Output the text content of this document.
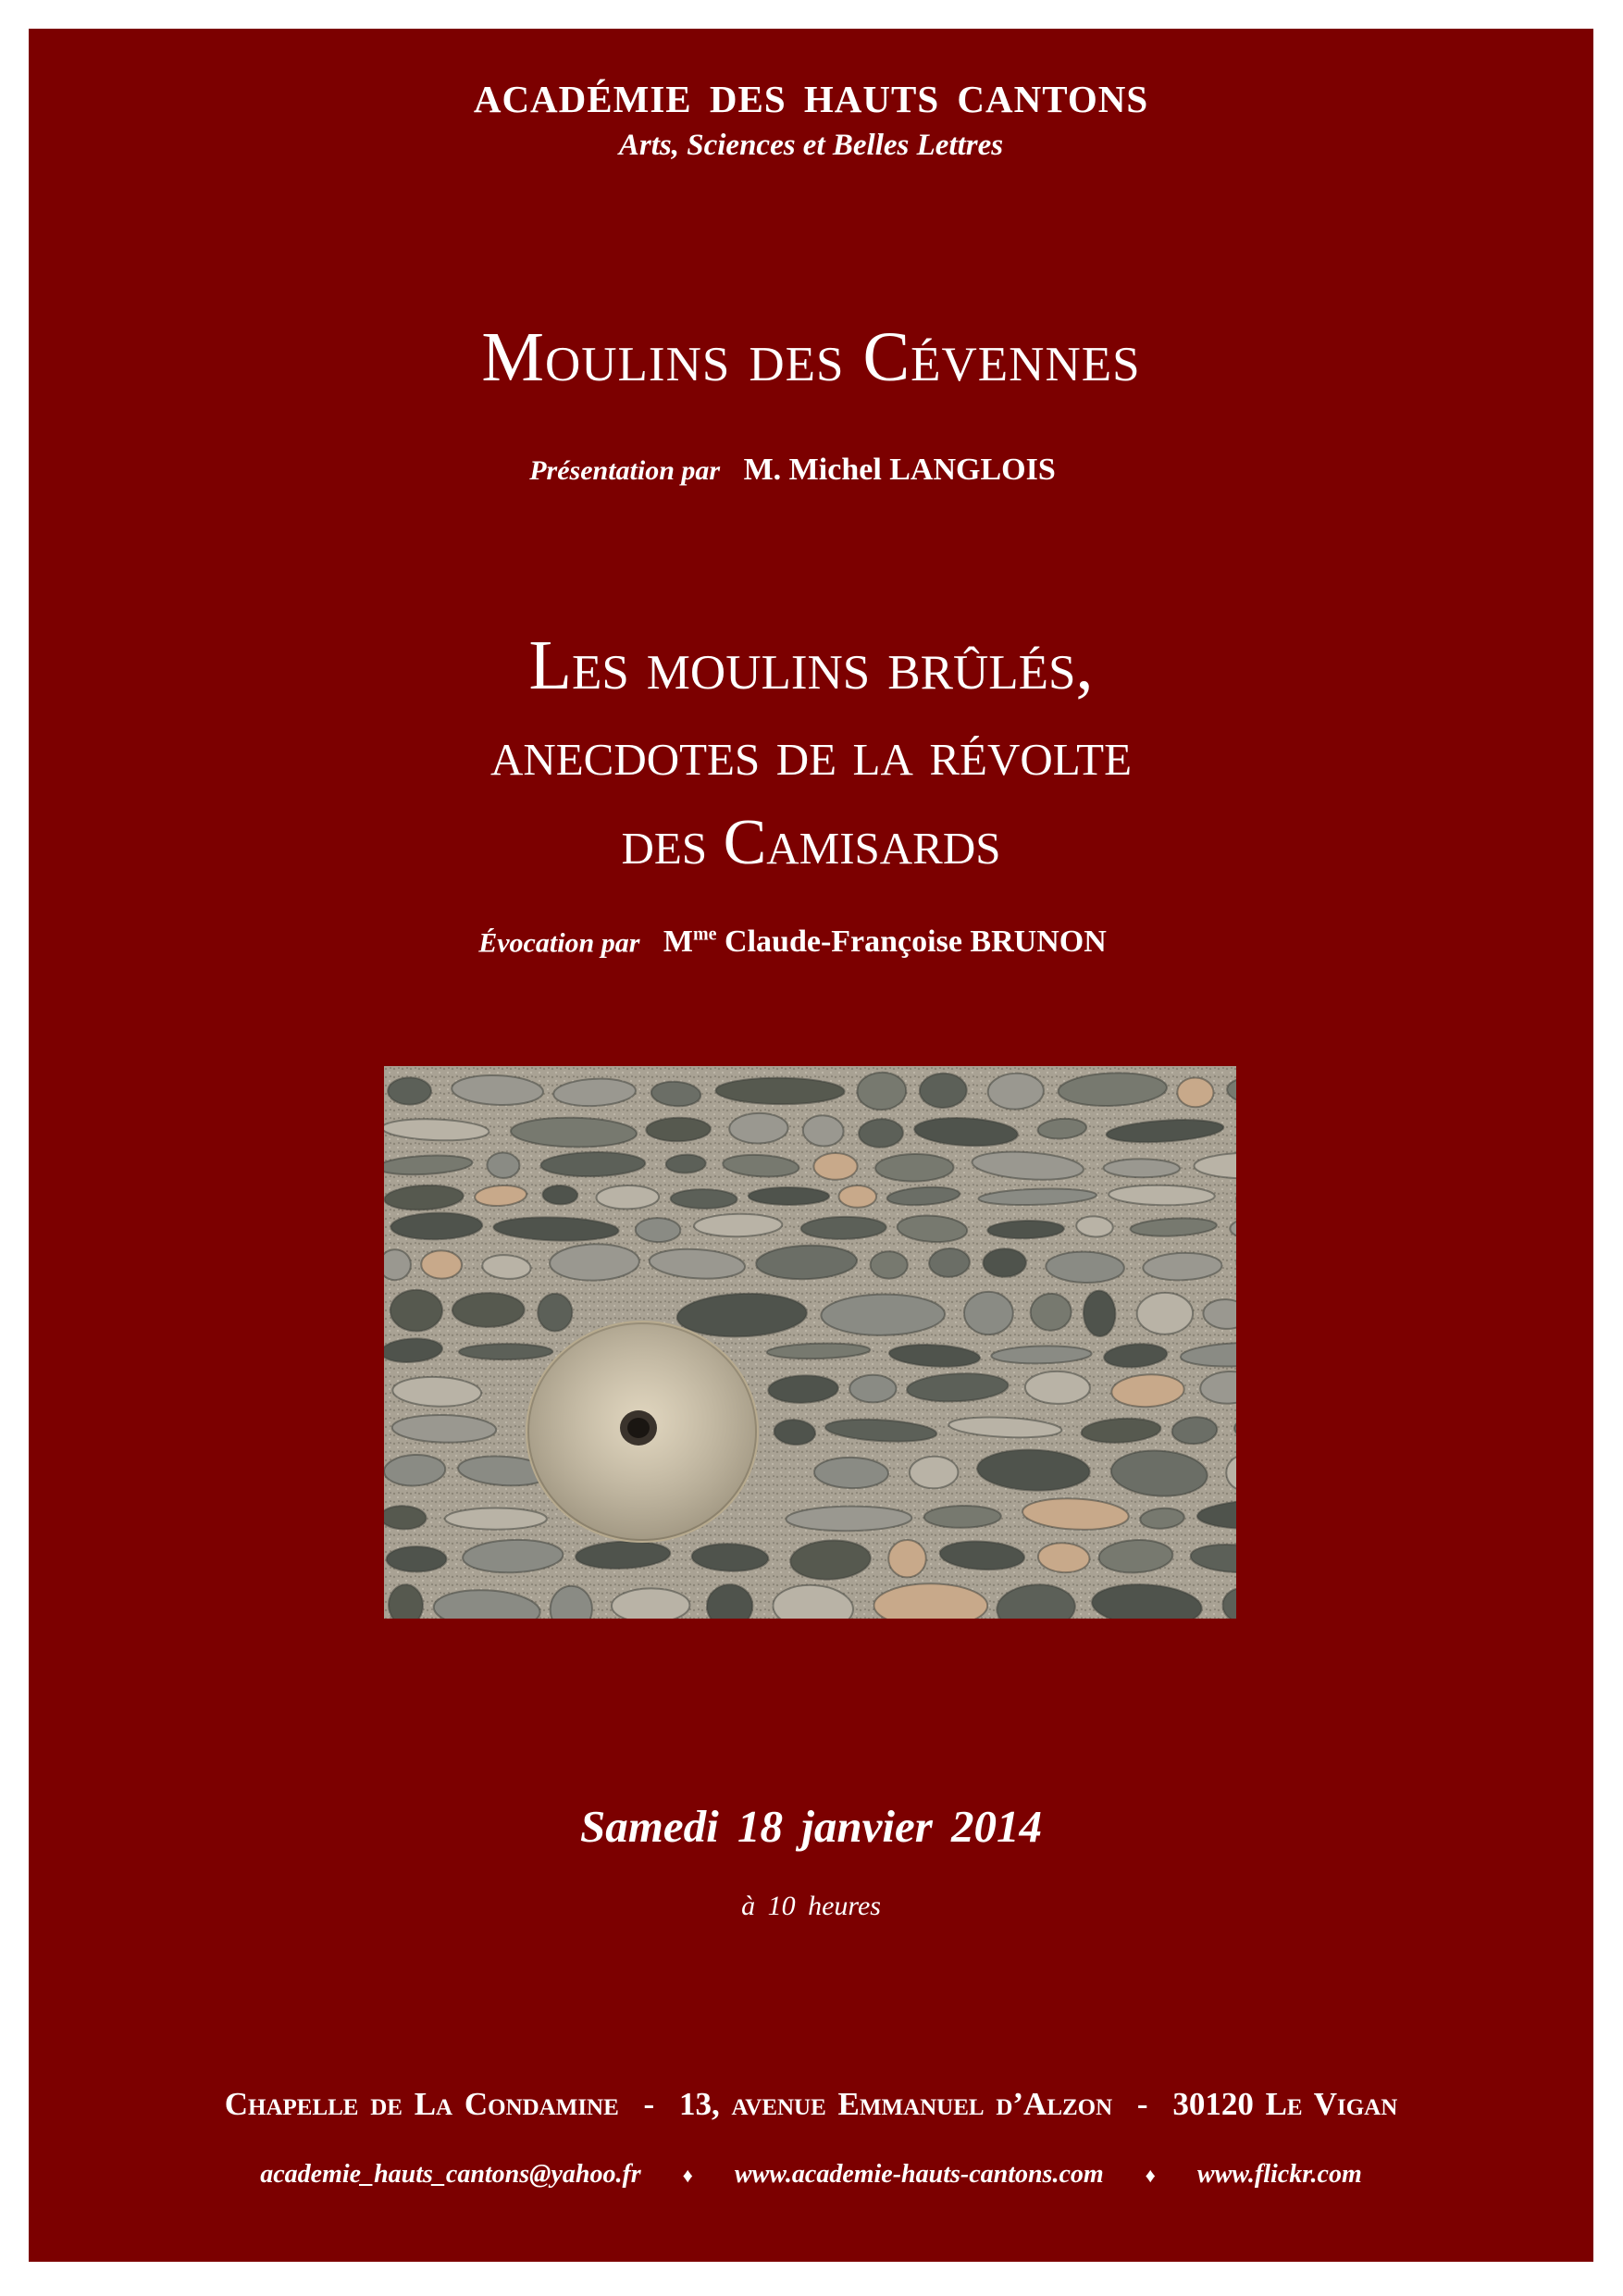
ACADÉMIE DES HAUTS CANTONS
Arts, Sciences et Belles Lettres
Moulins des Cévennes
Présentation par M. Michel LANGLOIS
Les moulins brûlés,
anecdotes de la révolte
des Camisards
Évocation par $M^{me}$ Claude-Françoise BRUNON
Samedi 18 janvier 2014
à 10 heures
Chapelle de La Condamine - 13, avenue Emmanuel d’Alzon - 30120 Le Vigan
academie_hauts_cantons@yahoo.fr ♦ www.academie-hauts-cantons.com ♦ www.flickr.com
